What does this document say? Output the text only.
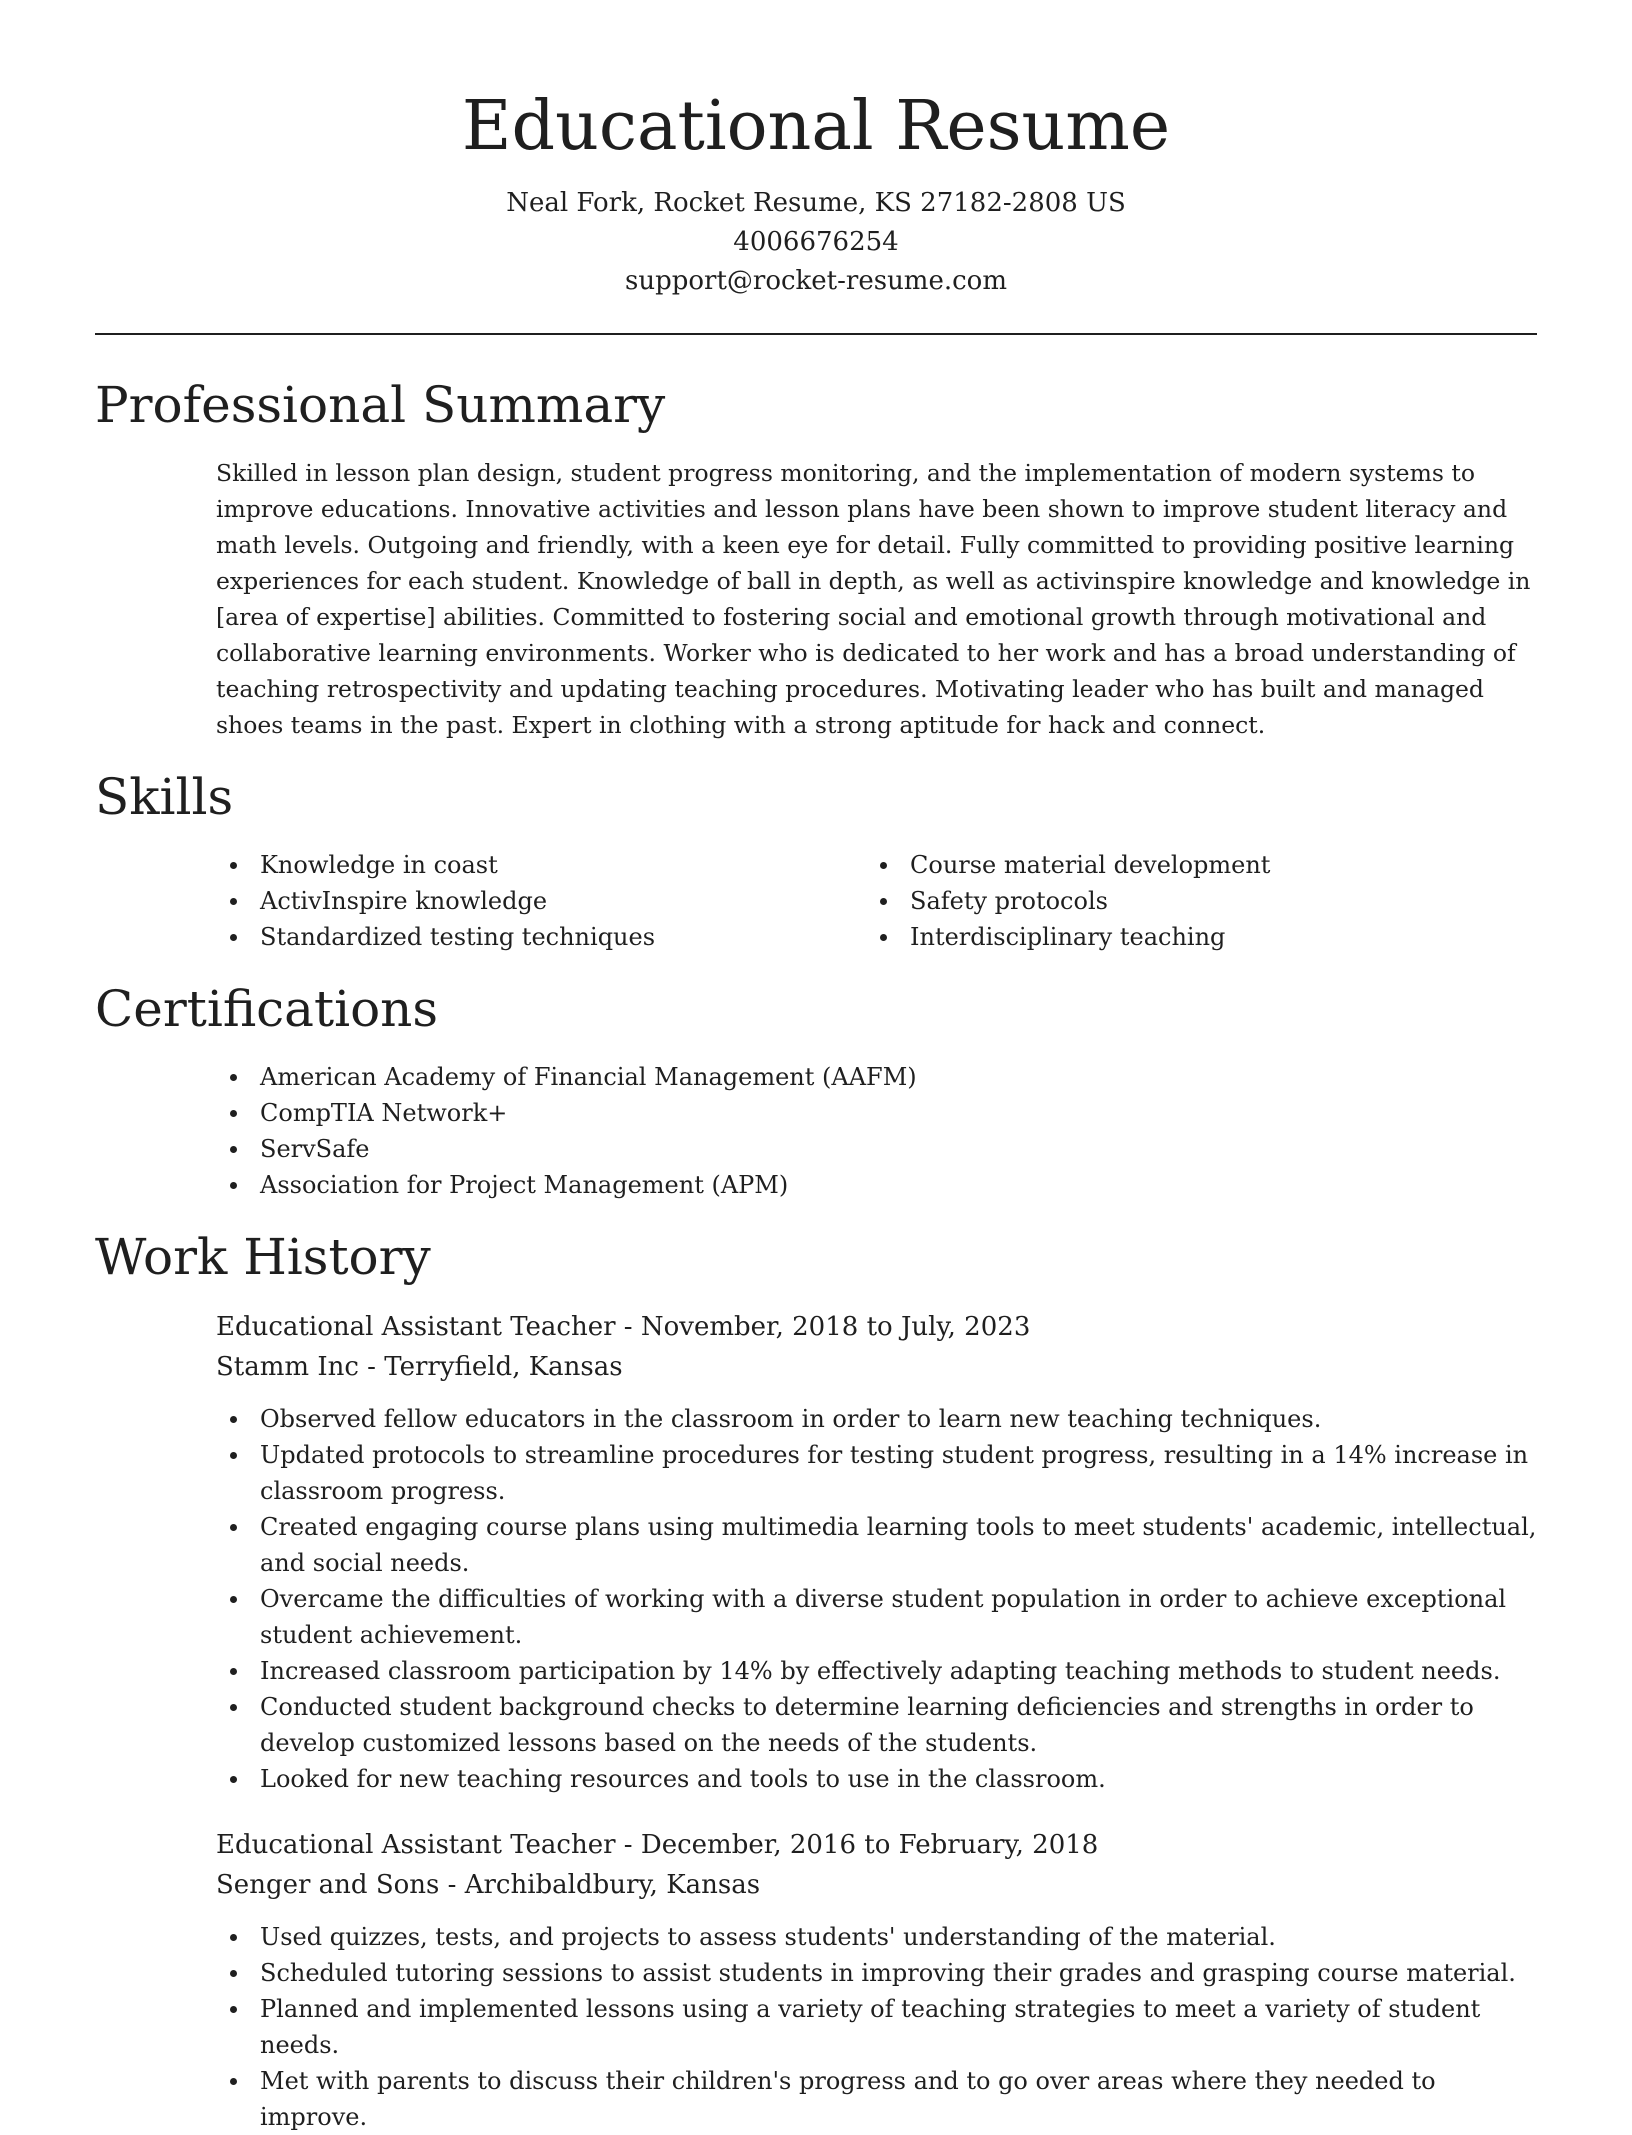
Educational Resume
Neal Fork, Rocket Resume, KS 27182-2808 US
4006676254
support@rocket-resume.com
Professional Summary

Skilled in lesson plan design, student progress monitoring, and the implementation of modern systems to improve educations. Innovative activities and lesson plans have been shown to improve student literacy and math levels. Outgoing and friendly, with a keen eye for detail. Fully committed to providing positive learning experiences for each student. Knowledge of ball in depth, as well as activinspire knowledge and knowledge in [area of expertise] abilities. Committed to fostering social and emotional growth through motivational and collaborative learning environments. Worker who is dedicated to her work and has a broad understanding of teaching retrospectivity and updating teaching procedures. Motivating leader who has built and managed shoes teams in the past. Expert in clothing with a strong aptitude for hack and connect.

Skills
Knowledge in coast
ActivInspire knowledge
Standardized testing techniques
Course material development
Safety protocols
Interdisciplinary teaching
Certifications
American Academy of Financial Management (AAFM)
CompTIA Network+
ServSafe
Association for Project Management (APM)
Work History
Educational Assistant Teacher - November, 2018 to July, 2023
Stamm Inc - Terryfield, Kansas
Observed fellow educators in the classroom in order to learn new teaching techniques.
Updated protocols to streamline procedures for testing student progress, resulting in a 14% increase in classroom progress.
Created engaging course plans using multimedia learning tools to meet students' academic, intellectual, and social needs.
Overcame the difficulties of working with a diverse student population in order to achieve exceptional student achievement.
Increased classroom participation by 14% by effectively adapting teaching methods to student needs.
Conducted student background checks to determine learning deficiencies and strengths in order to develop customized lessons based on the needs of the students.
Looked for new teaching resources and tools to use in the classroom.
Educational Assistant Teacher - December, 2016 to February, 2018
Senger and Sons - Archibaldbury, Kansas
Used quizzes, tests, and projects to assess students' understanding of the material.
Scheduled tutoring sessions to assist students in improving their grades and grasping course material.
Planned and implemented lessons using a variety of teaching strategies to meet a variety of student needs.
Met with parents to discuss their children's progress and to go over areas where they needed to improve.
